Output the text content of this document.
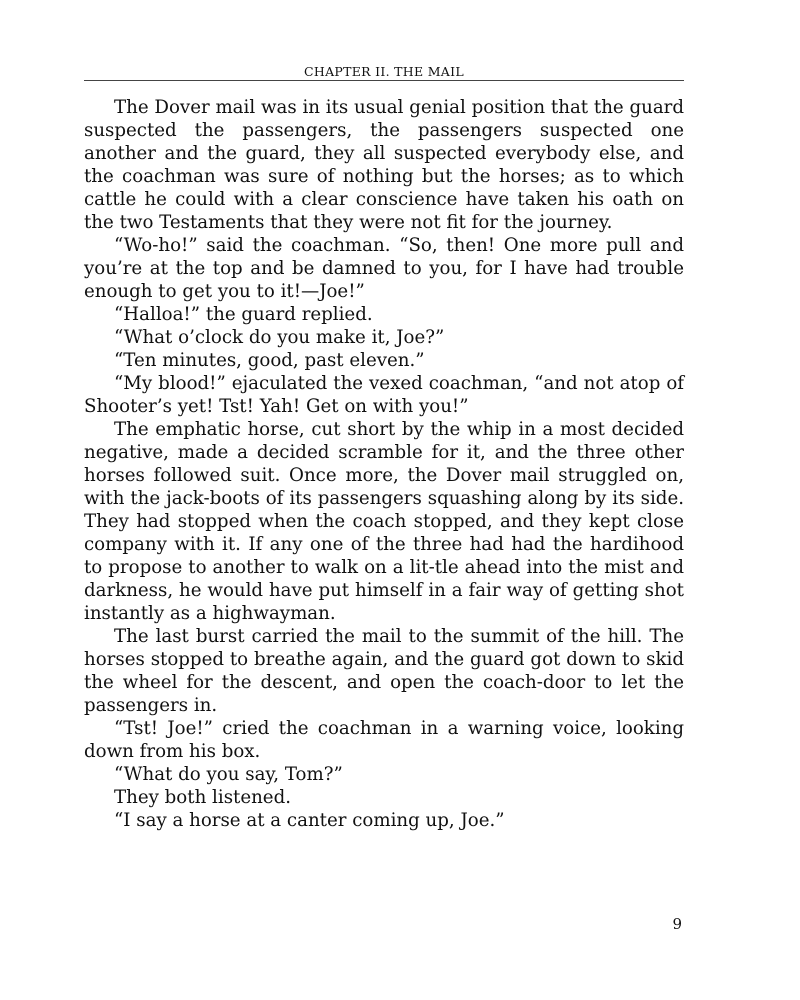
CHAPTER II. THE MAIL

The Dover mail was in its usual genial position that the guard suspected the passengers, the passengers suspected one another and the guard, they all suspected everybody else, and the coachman was sure of nothing but the horses; as to which cattle he could with a clear conscience have taken his oath on the two Testaments that they were not fit for the journey.

“Wo-ho!” said the coachman. “So, then! One more pull and you’re at the top and be damned to you, for I have had trouble enough to get you to it!—Joe!”

“Halloa!” the guard replied.

“What o’clock do you make it, Joe?”

“Ten minutes, good, past eleven.”

“My blood!” ejaculated the vexed coachman, “and not atop of Shooter’s yet! Tst! Yah! Get on with you!”

The emphatic horse, cut short by the whip in a most decided negative, made a decided scramble for it, and the three other horses followed suit. Once more, the Dover mail struggled on, with the jack-boots of its passengers squashing along by its side. They had stopped when the coach stopped, and they kept close company with it. If any one of the three had had the hardihood to propose to another to walk on a lit-tle ahead into the mist and darkness, he would have put himself in a fair way of getting shot instantly as a highwayman.

The last burst carried the mail to the summit of the hill. The horses stopped to breathe again, and the guard got down to skid the wheel for the descent, and open the coach-door to let the passengers in.

“Tst! Joe!” cried the coachman in a warning voice, looking down from his box.

“What do you say, Tom?”

They both listened.

“I say a horse at a canter coming up, Joe.”

9
